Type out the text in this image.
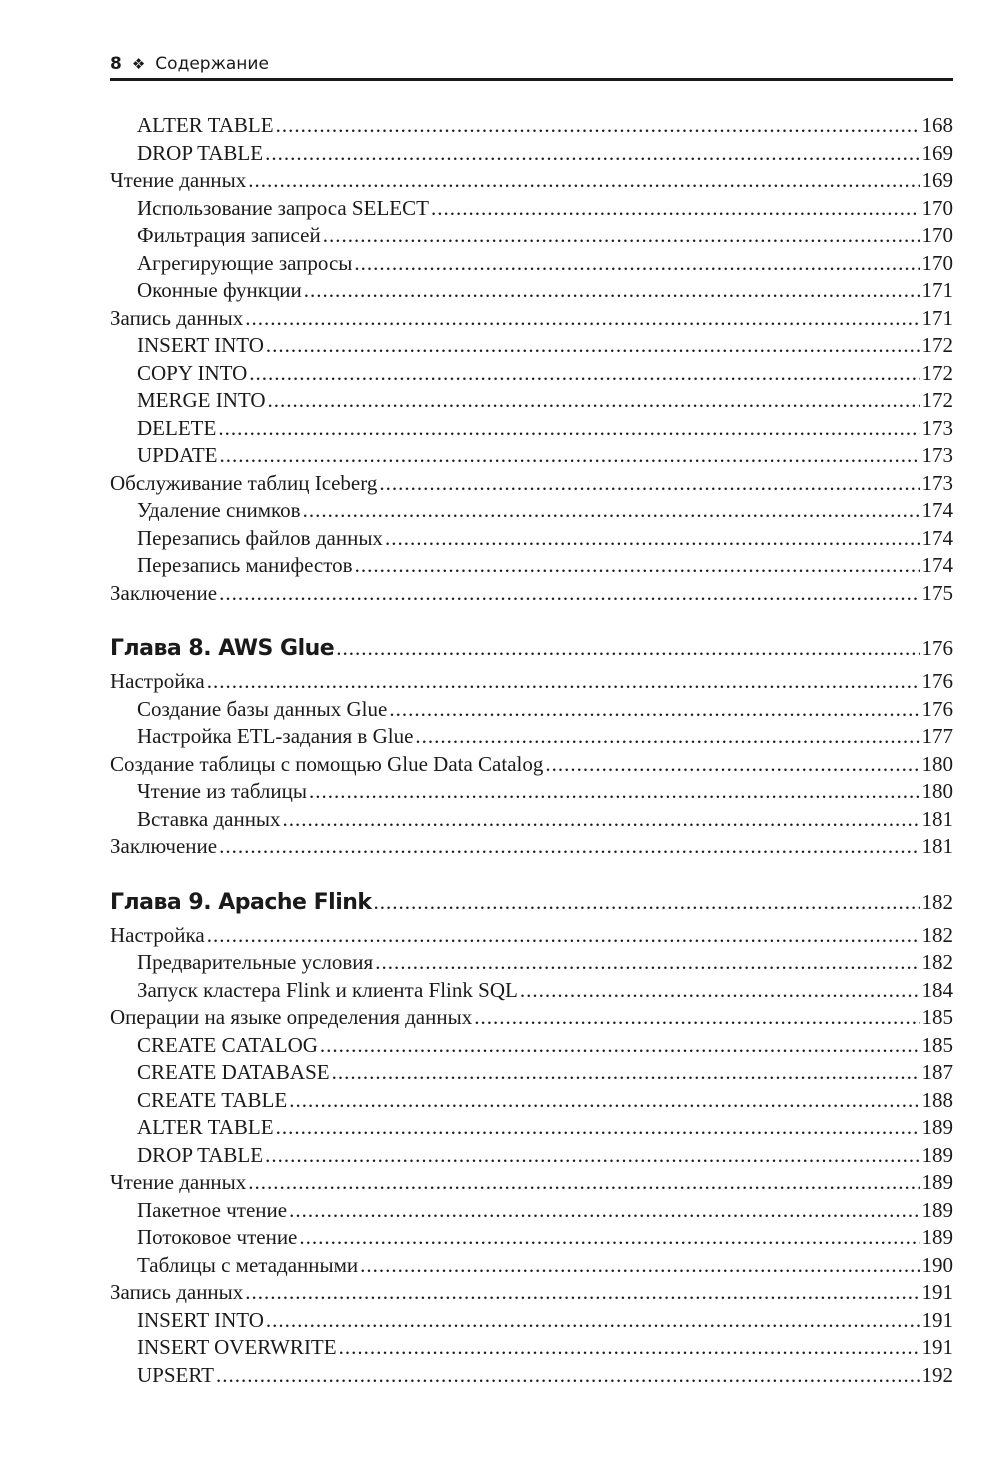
8 ❖ Содержание
ALTER TABLE .....	168
DROP TABLE .....	169
Чтение данных .....	169
Использование запроса SELECT .....	170
Фильтрация записей .....	170
Агрегирующие запросы .....	170
Оконные функции .....	171
Запись данных .....	171
INSERT INTO .....	172
COPY INTO .....	172
MERGE INTO .....	172
DELETE .....	173
UPDATE .....	173
Обслуживание таблиц Iceberg .....	173
Удаление снимков .....	174
Перезапись файлов данных .....	174
Перезапись манифестов .....	174
Заключение .....	175
Глава 8. AWS Glue .....	176
Настройка .....	176
Создание базы данных Glue .....	176
Настройка ETL-задания в Glue .....	177
Создание таблицы с помощью Glue Data Catalog .....	180
Чтение из таблицы .....	180
Вставка данных .....	181
Заключение .....	181
Глава 9. Apache Flink .....	182
Настройка .....	182
Предварительные условия .....	182
Запуск кластера Flink и клиента Flink SQL .....	184
Операции на языке определения данных .....	185
CREATE CATALOG .....	185
CREATE DATABASE .....	187
CREATE TABLE .....	188
ALTER TABLE .....	189
DROP TABLE .....	189
Чтение данных .....	189
Пакетное чтение .....	189
Потоковое чтение .....	189
Таблицы с метаданными .....	190
Запись данных .....	191
INSERT INTO .....	191
INSERT OVERWRITE .....	191
UPSERT .....	192
